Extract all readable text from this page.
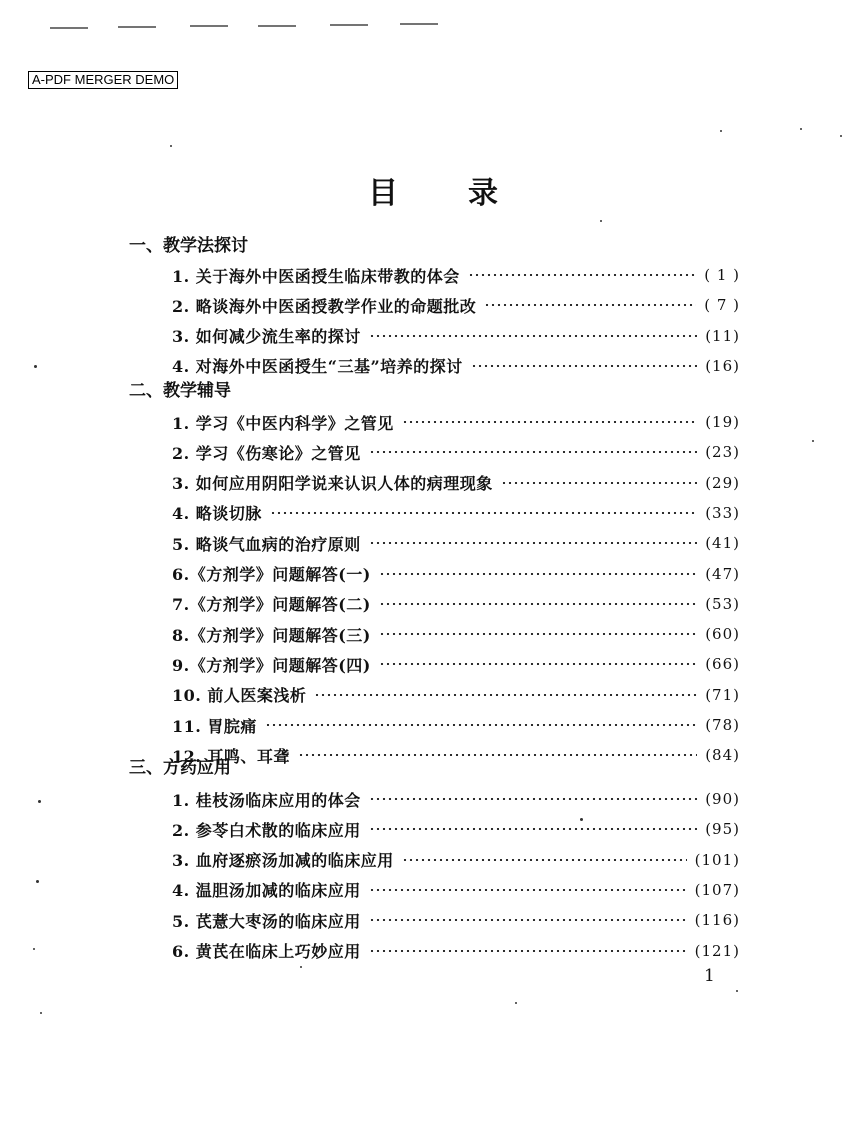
A-PDF MERGER DEMO
目 录
一、教学法探讨
1. 关于海外中医函授生临床带教的体会	( 1 )
2. 略谈海外中医函授教学作业的命题批改	( 7 )
3. 如何减少流生率的探讨	(11)
4. 对海外中医函授生“三基”培养的探讨	(16)
二、教学辅导
1. 学习《中医内科学》之管见	(19)
2. 学习《伤寒论》之管见	(23)
3. 如何应用阴阳学说来认识人体的病理现象	(29)
4. 略谈切脉	(33)
5. 略谈气血病的治疗原则	(41)
6.《方剂学》问题解答(一)	(47)
7.《方剂学》问题解答(二)	(53)
8.《方剂学》问题解答(三)	(60)
9.《方剂学》问题解答(四)	(66)
10. 前人医案浅析	(71)
11. 胃脘痛	(78)
12. 耳鸣、耳聋	(84)
三、方药应用
1. 桂枝汤临床应用的体会	(90)
2. 参苓白术散的临床应用	(95)
3. 血府逐瘀汤加减的临床应用	(101)
4. 温胆汤加减的临床应用	(107)
5. 芪薏大枣汤的临床应用	(116)
6. 黄芪在临床上巧妙应用	(121)
1
